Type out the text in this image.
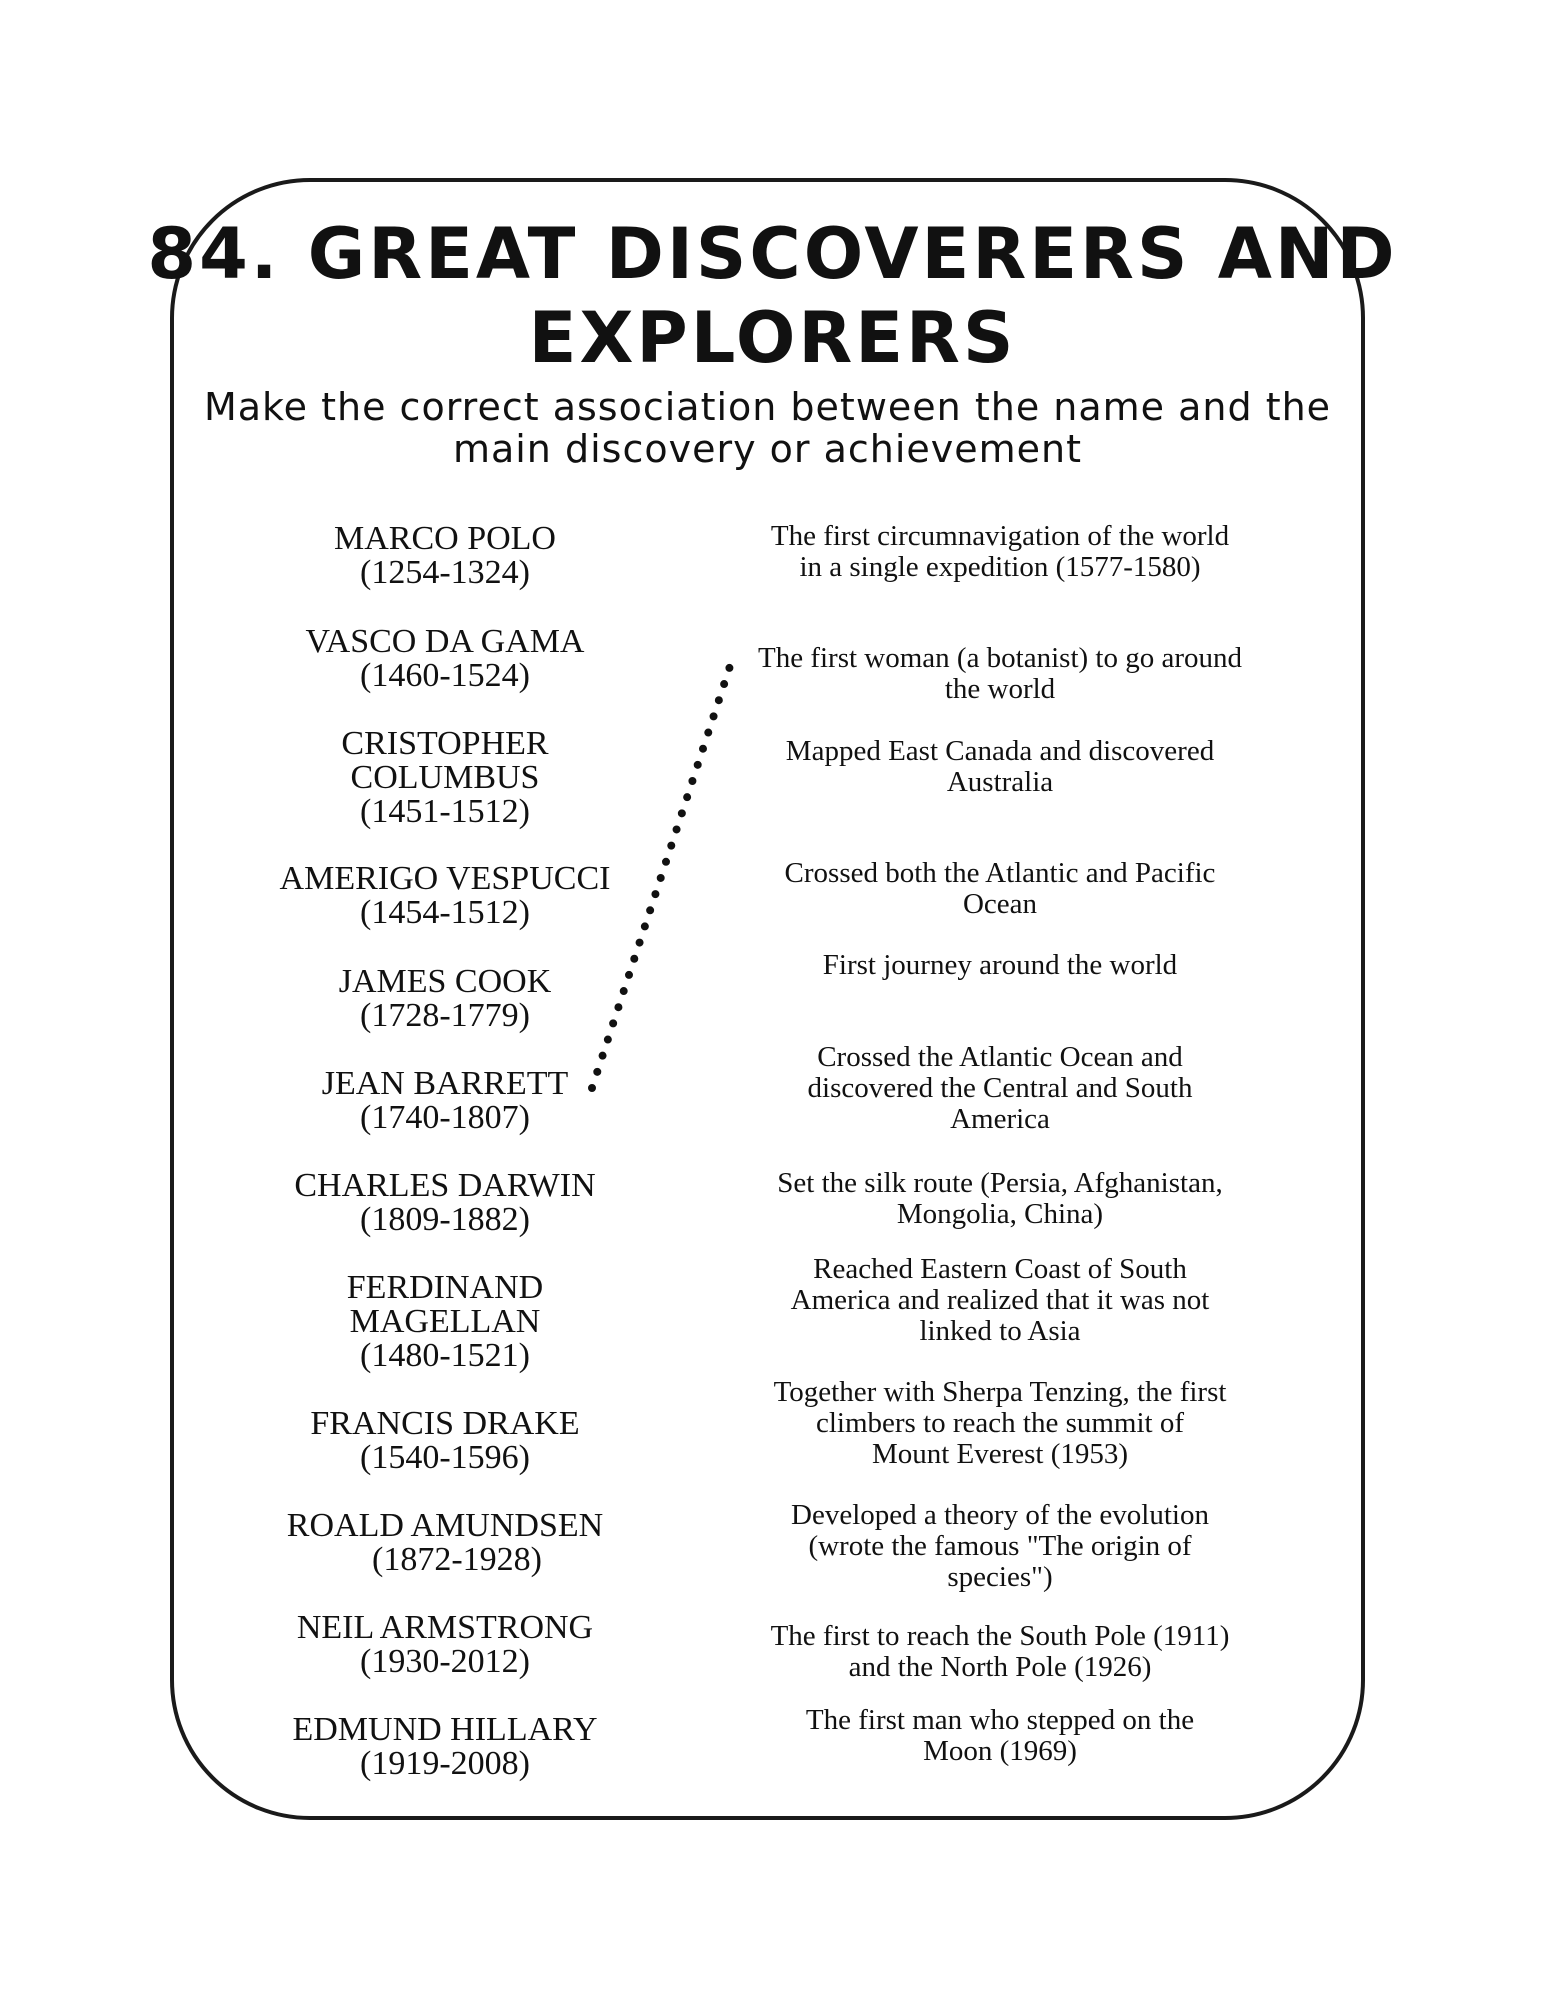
84. GREAT DISCOVERERS AND
EXPLORERS

Make the correct association between the name and the

main discovery or achievement

MARCO POLO
(1254-1324)
VASCO DA GAMA
(1460-1524)
CRISTOPHER
COLUMBUS
(1451-1512)
AMERIGO VESPUCCI
(1454-1512)
JAMES COOK
(1728-1779)
JEAN BARRETT
(1740-1807)
CHARLES DARWIN
(1809-1882)
FERDINAND
MAGELLAN
(1480-1521)
FRANCIS DRAKE
(1540-1596)
ROALD AMUNDSEN
(1872-1928)
NEIL ARMSTRONG
(1930-2012)
EDMUND HILLARY
(1919-2008)
The first circumnavigation of the world
in a single expedition (1577-1580)
The first woman (a botanist) to go around
the world
Mapped East Canada and discovered
Australia
Crossed both the Atlantic and Pacific
Ocean
First journey around the world
Crossed the Atlantic Ocean and
discovered the Central and South
America
Set the silk route (Persia, Afghanistan,
Mongolia, China)
Reached Eastern Coast of South
America and realized that it was not
linked to Asia
Together with Sherpa Tenzing, the first
climbers to reach the summit of
Mount Everest (1953)
Developed a theory of the evolution
(wrote the famous "The origin of
species")
The first to reach the South Pole (1911)
and the North Pole (1926)
The first man who stepped on the
Moon (1969)
